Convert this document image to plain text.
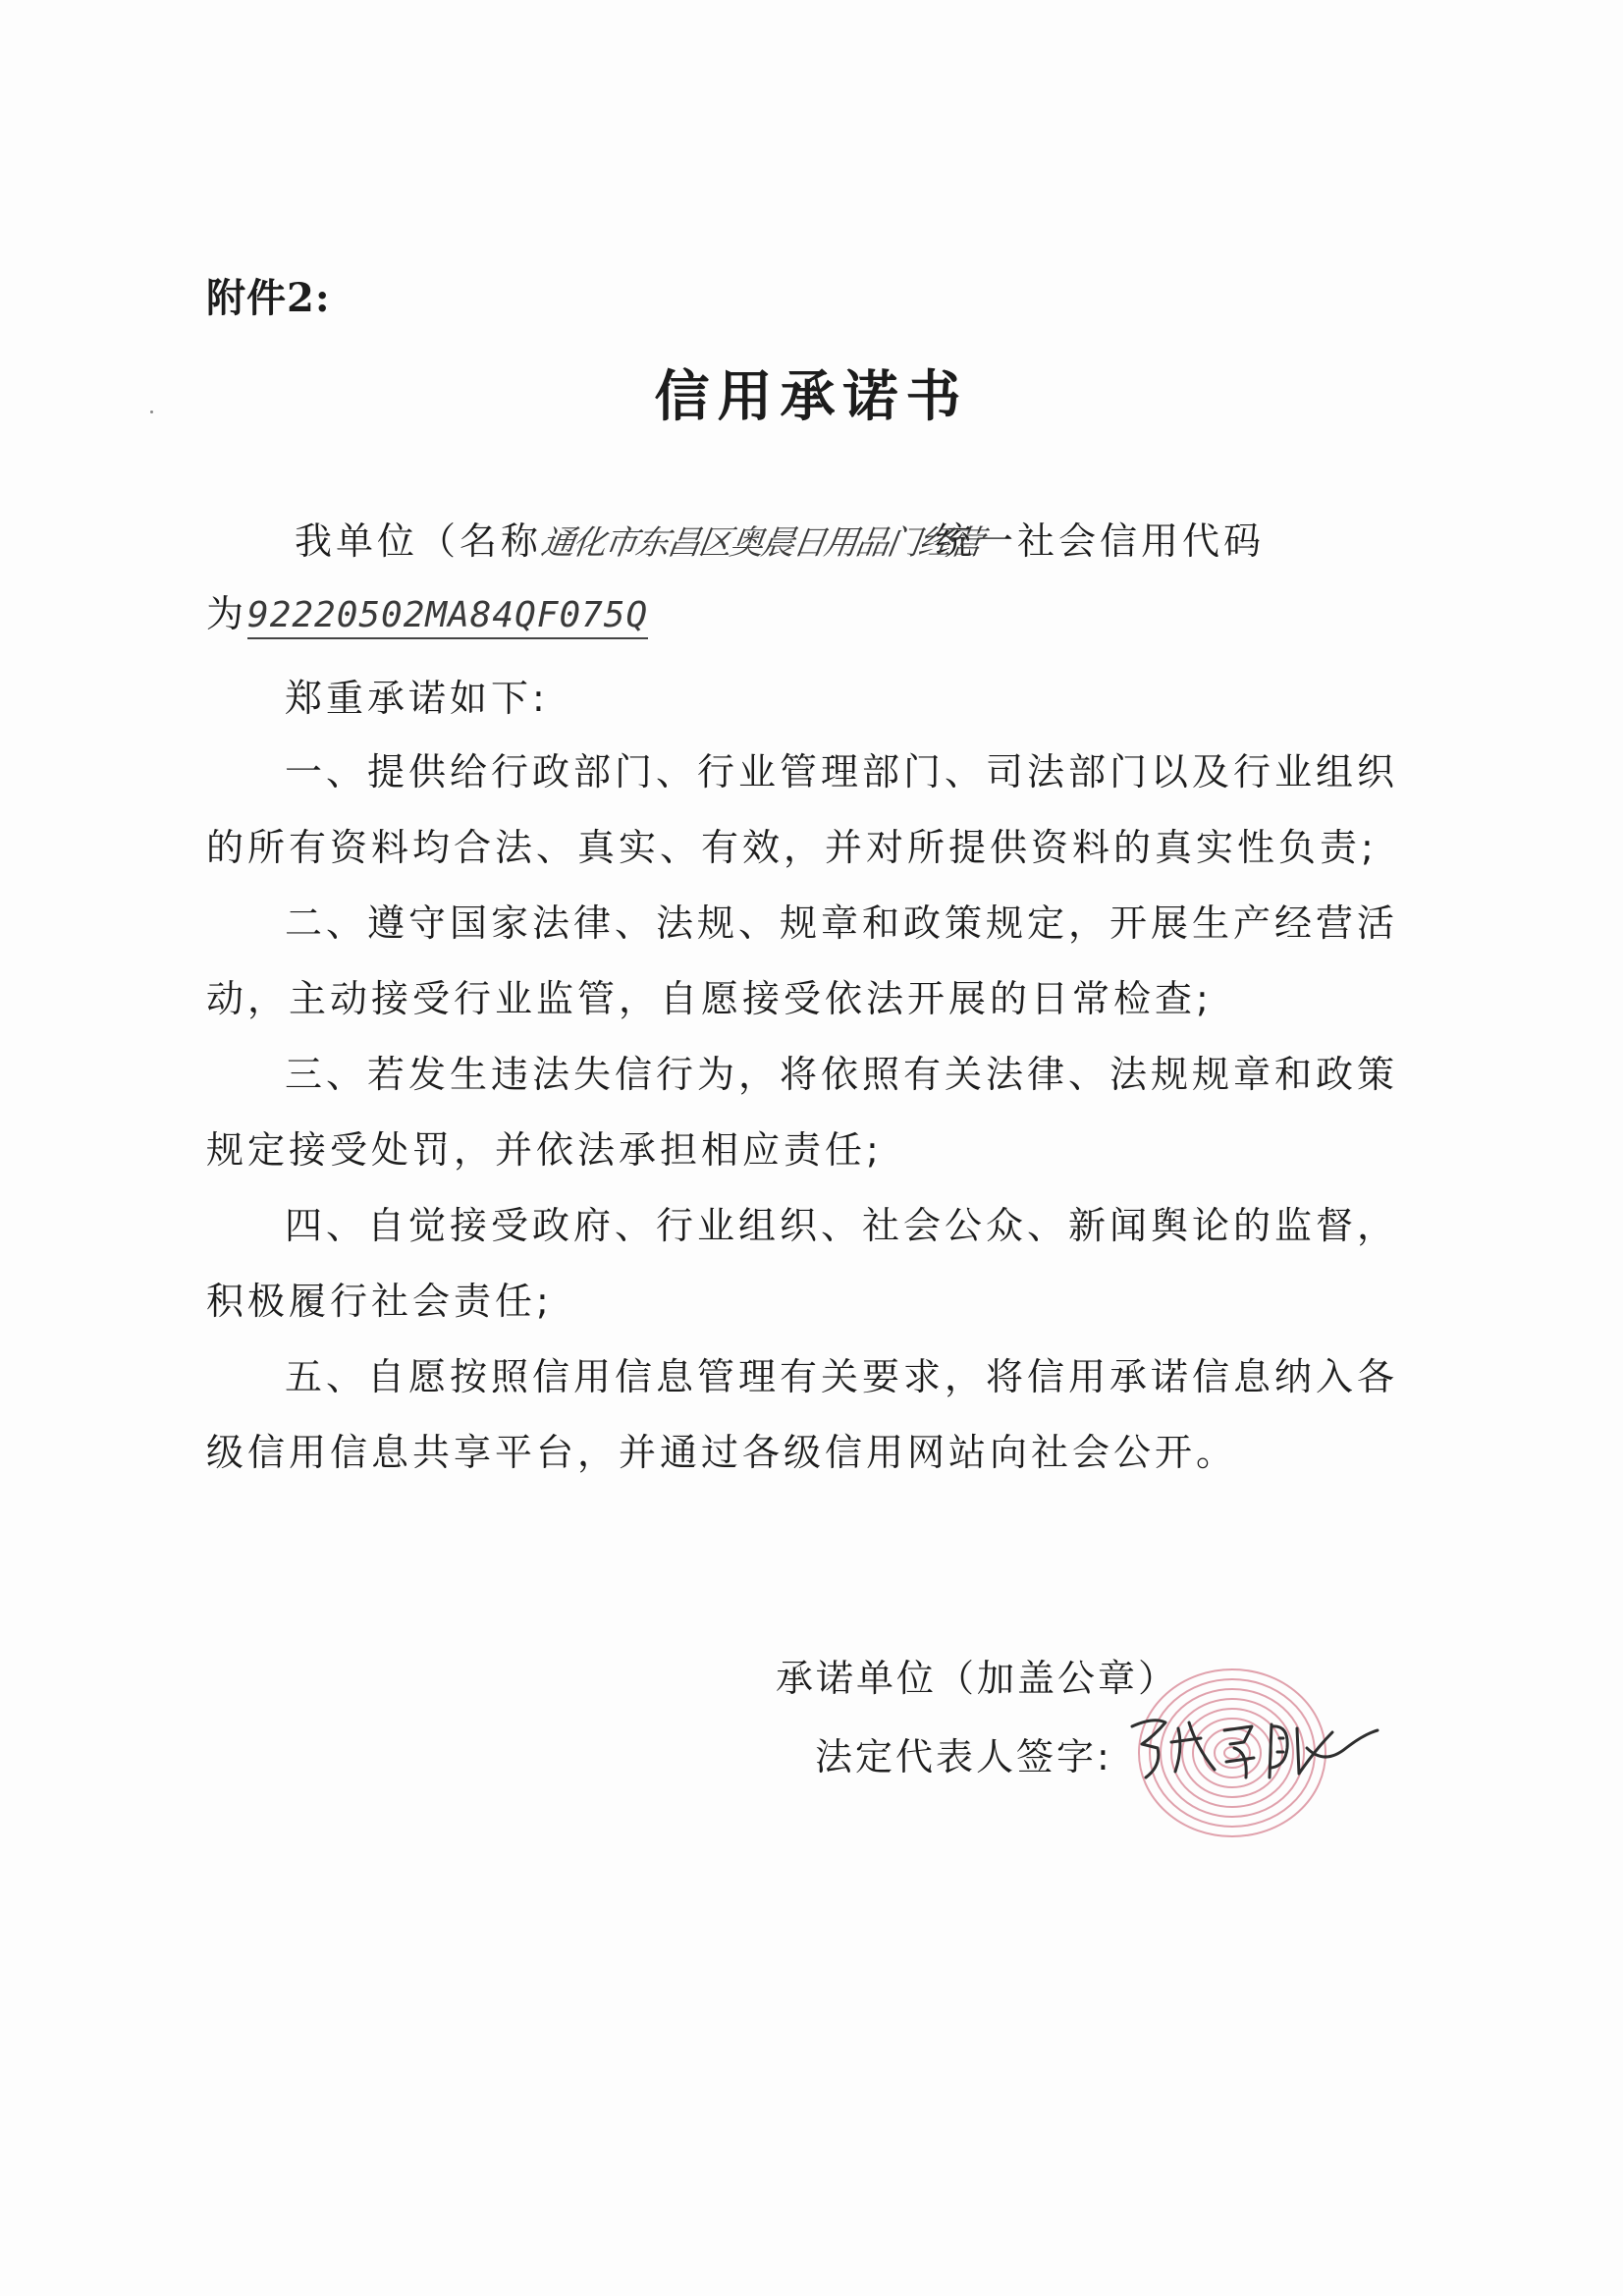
附件2:
信用承诺书
我单位（名称通化市东昌区奥晨日用品门经营统一社会信用代码
为92220502MA84QF075Q
郑重承诺如下:
一、提供给行政部门、行业管理部门、司法部门以及行业组织
的所有资料均合法、真实、有效，并对所提供资料的真实性负责;
二、遵守国家法律、法规、规章和政策规定，开展生产经营活
动，主动接受行业监管，自愿接受依法开展的日常检查;
三、若发生违法失信行为，将依照有关法律、法规规章和政策
规定接受处罚，并依法承担相应责任;
四、自觉接受政府、行业组织、社会公众、新闻舆论的监督，
积极履行社会责任;
五、自愿按照信用信息管理有关要求，将信用承诺信息纳入各
级信用信息共享平台，并通过各级信用网站向社会公开。
承诺单位（加盖公章）
法定代表人签字:
